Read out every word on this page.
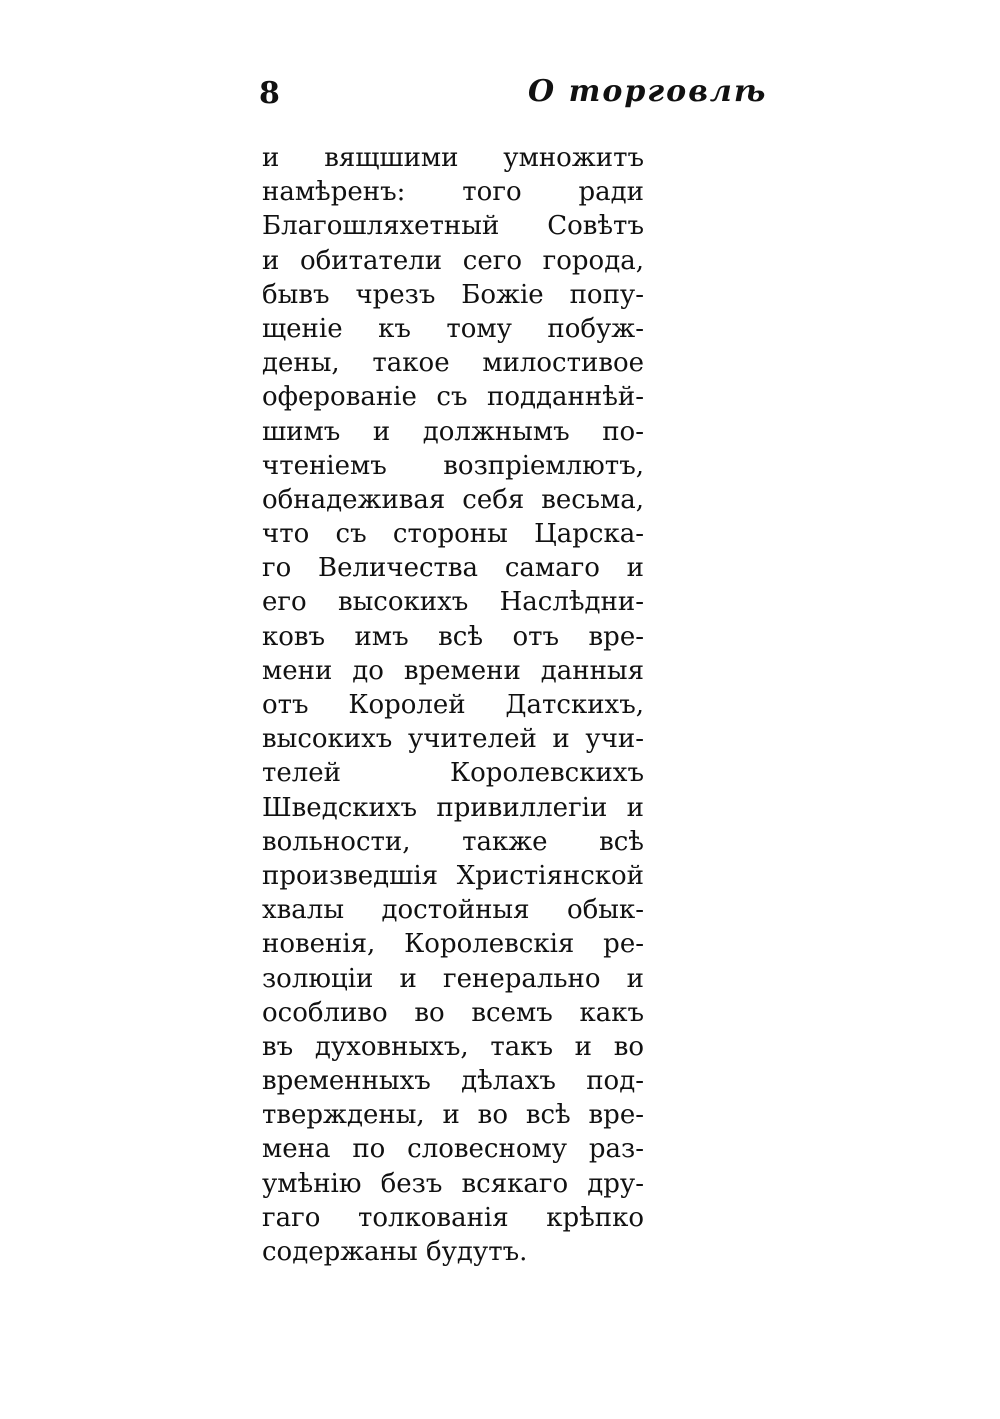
8	О торговлѣ
и вящшими умножитъ
намѣренъ: того ради
Благошляхетный Совѣтъ
и обитатели сего города,
бывъ чрезъ Божіе попу-
щеніе къ тому побуж-
дены, такое милостивое
оферованіе съ подданнѣй-
шимъ и должнымъ по-
чтеніемъ возпріемлютъ,
обнадеживая себя весьма,
что съ стороны Царска-
го Величества самаго и
его высокихъ Наслѣдни-
ковъ имъ всѣ отъ вре-
мени до времени данныя
отъ Королей Датскихъ,
высокихъ учителей и учи-
телей Королевскихъ
Шведскихъ привиллегіи и
вольности, также всѣ
произведшія Христіянской
хвалы достойныя обык-
новенія, Королевскія ре-
золюціи и генерально и
особливо во всемъ какъ
въ духовныхъ, такъ и во
временныхъ дѣлахъ под-
тверждены, и во всѣ вре-
мена по словесному раз-
умѣнію безъ всякаго дру-
гаго толкованія крѣпко
содержаны будутъ.
